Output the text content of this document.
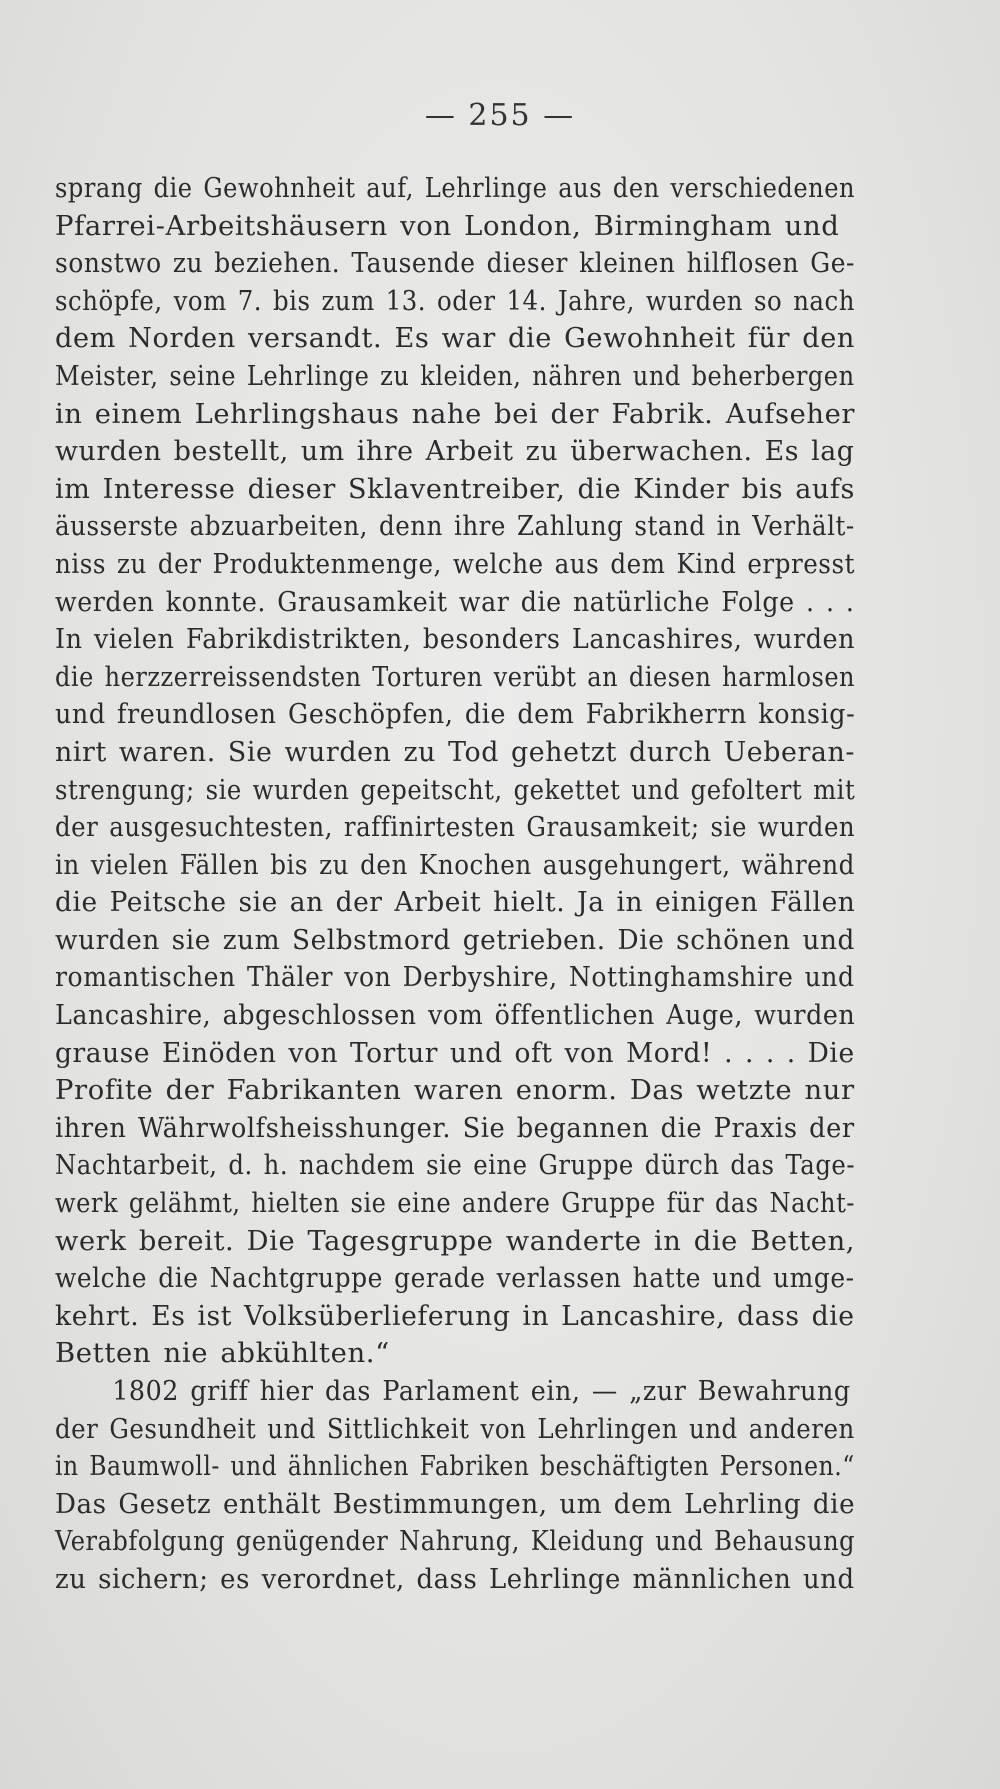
— 255 —
sprang die Gewohnheit auf, Lehrlinge aus den verschiedenen
Pfarrei-Arbeitshäusern von London, Birmingham und
sonstwo zu beziehen. Tausende dieser kleinen hilflosen Ge-
schöpfe, vom 7. bis zum 13. oder 14. Jahre, wurden so nach
dem Norden versandt. Es war die Gewohnheit für den
Meister, seine Lehrlinge zu kleiden, nähren und beherbergen
in einem Lehrlingshaus nahe bei der Fabrik. Aufseher
wurden bestellt, um ihre Arbeit zu überwachen. Es lag
im Interesse dieser Sklaventreiber, die Kinder bis aufs
äusserste abzuarbeiten, denn ihre Zahlung stand in Verhält-
niss zu der Produktenmenge, welche aus dem Kind erpresst
werden konnte. Grausamkeit war die natürliche Folge . . .
In vielen Fabrikdistrikten, besonders Lancashires, wurden
die herzzerreissendsten Torturen verübt an diesen harmlosen
und freundlosen Geschöpfen, die dem Fabrikherrn konsig-
nirt waren. Sie wurden zu Tod gehetzt durch Ueberan-
strengung; sie wurden gepeitscht, gekettet und gefoltert mit
der ausgesuchtesten, raffinirtesten Grausamkeit; sie wurden
in vielen Fällen bis zu den Knochen ausgehungert, während
die Peitsche sie an der Arbeit hielt. Ja in einigen Fällen
wurden sie zum Selbstmord getrieben. Die schönen und
romantischen Thäler von Derbyshire, Nottinghamshire und
Lancashire, abgeschlossen vom öffentlichen Auge, wurden
grause Einöden von Tortur und oft von Mord! . . . . Die
Profite der Fabrikanten waren enorm. Das wetzte nur
ihren Währwolfsheisshunger. Sie begannen die Praxis der
Nachtarbeit, d. h. nachdem sie eine Gruppe dürch das Tage-
werk gelähmt, hielten sie eine andere Gruppe für das Nacht-
werk bereit. Die Tagesgruppe wanderte in die Betten,
welche die Nachtgruppe gerade verlassen hatte und umge-
kehrt. Es ist Volksüberlieferung in Lancashire, dass die
Betten nie abkühlten.“
1802 griff hier das Parlament ein, — „zur Bewahrung
der Gesundheit und Sittlichkeit von Lehrlingen und anderen
in Baumwoll- und ähnlichen Fabriken beschäftigten Personen.“
Das Gesetz enthält Bestimmungen, um dem Lehrling die
Verabfolgung genügender Nahrung, Kleidung und Behausung
zu sichern; es verordnet, dass Lehrlinge männlichen und
